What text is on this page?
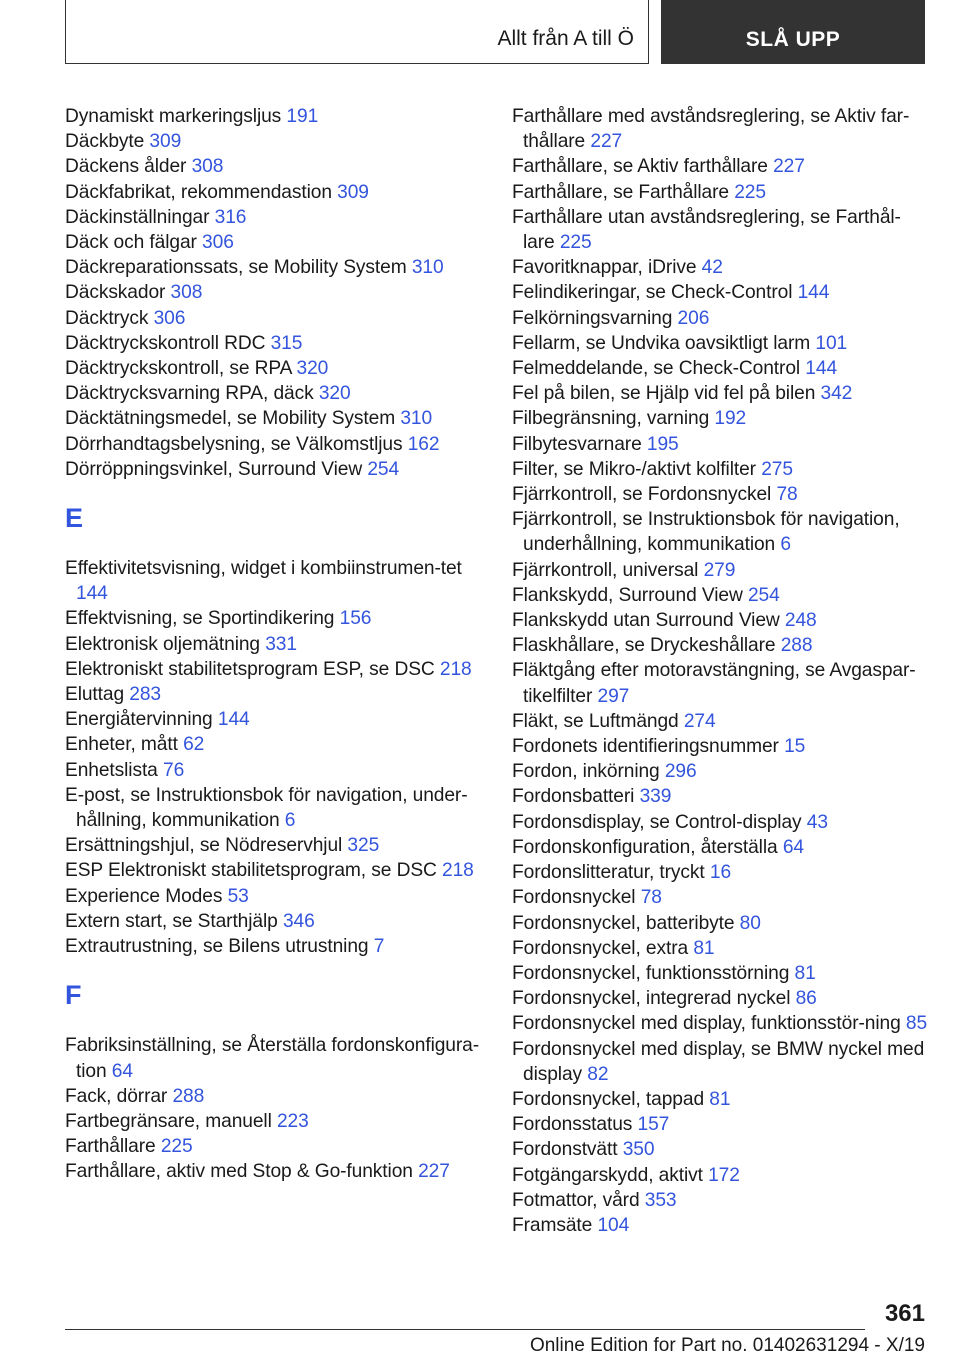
Allt från A till Ö	SLÅ UPP
Dynamiskt markeringsljus 191
Däckbyte 309
Däckens ålder 308
Däckfabrikat, rekommendastion 309
Däckinställningar 316
Däck och fälgar 306
Däckreparationssats, se Mobility System 310
Däckskador 308
Däcktryck 306
Däcktryckskontroll RDC 315
Däcktryckskontroll, se RPA 320
Däcktrycksvarning RPA, däck 320
Däcktätningsmedel, se Mobility System 310
Dörrhandtagsbelysning, se Välkomstljus 162
Dörröppningsvinkel, Surround View 254
E
Effektivitetsvisning, widget i kombiinstrumen-tet 144
Effektvisning, se Sportindikering 156
Elektronisk oljemätning 331
Elektroniskt stabilitetsprogram ESP, se DSC 218
Eluttag 283
Energiåtervinning 144
Enheter, mått 62
Enhetslista 76
E-post, se Instruktionsbok för navigation, under-hållning, kommunikation 6
Ersättningshjul, se Nödreservhjul 325
ESP Elektroniskt stabilitetsprogram, se DSC 218
Experience Modes 53
Extern start, se Starthjälp 346
Extrautrustning, se Bilens utrustning 7
F
Fabriksinställning, se Återställa fordonskonfigura-tion 64
Fack, dörrar 288
Fartbegränsare, manuell 223
Farthållare 225
Farthållare, aktiv med Stop & Go-funktion 227
Farthållare med avståndsreglering, se Aktiv far-thållare 227
Farthållare, se Aktiv farthållare 227
Farthållare, se Farthållare 225
Farthållare utan avståndsreglering, se Farthål-lare 225
Favoritknappar, iDrive 42
Felindikeringar, se Check-Control 144
Felkörningsvarning 206
Fellarm, se Undvika oavsiktligt larm 101
Felmeddelande, se Check-Control 144
Fel på bilen, se Hjälp vid fel på bilen 342
Filbegränsning, varning 192
Filbytesvarnare 195
Filter, se Mikro-/aktivt kolfilter 275
Fjärrkontroll, se Fordonsnyckel 78
Fjärrkontroll, se Instruktionsbok för navigation, underhållning, kommunikation 6
Fjärrkontroll, universal 279
Flankskydd, Surround View 254
Flankskydd utan Surround View 248
Flaskhållare, se Dryckeshållare 288
Fläktgång efter motoravstängning, se Avgaspar-tikelfilter 297
Fläkt, se Luftmängd 274
Fordonets identifieringsnummer 15
Fordon, inkörning 296
Fordonsbatteri 339
Fordonsdisplay, se Control-display 43
Fordonskonfiguration, återställa 64
Fordonslitteratur, tryckt 16
Fordonsnyckel 78
Fordonsnyckel, batteribyte 80
Fordonsnyckel, extra 81
Fordonsnyckel, funktionsstörning 81
Fordonsnyckel, integrerad nyckel 86
Fordonsnyckel med display, funktionsstör-ning 85
Fordonsnyckel med display, se BMW nyckel med display 82
Fordonsnyckel, tappad 81
Fordonsstatus 157
Fordonstvätt 350
Fotgängarskydd, aktivt 172
Fotmattor, vård 353
Framsäte 104
361
Online Edition for Part no. 01402631294 - X/19
